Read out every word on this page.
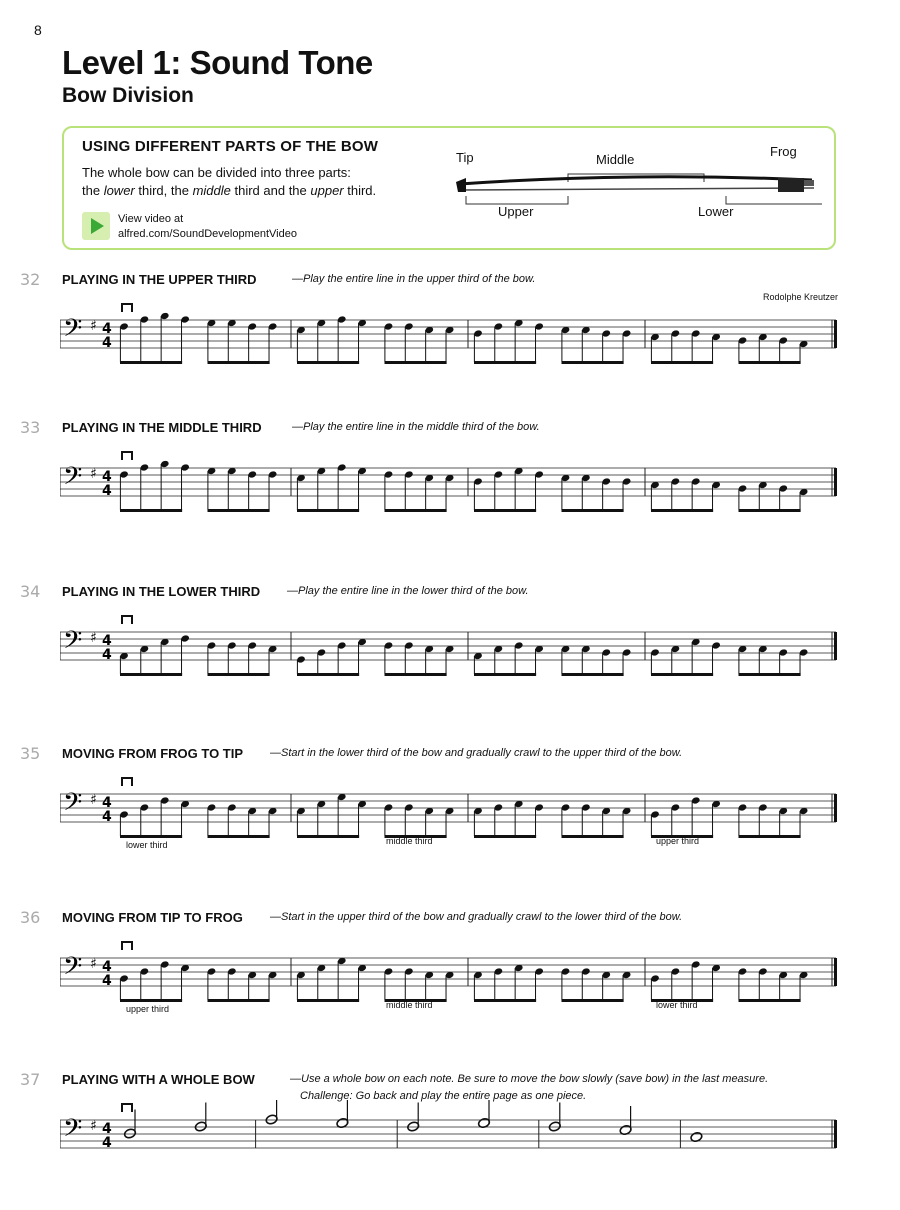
8
Level 1: Sound Tone
Bow Division
USING DIFFERENT PARTS OF THE BOW
The whole bow can be divided into three parts:
the lower third, the middle third and the upper third.
View video at
alfred.com/SoundDevelopmentVideo
Tip	Middle
Frog
Upper	Lower
32 PLAYING IN THE UPPER THIRD	—Play the entire line in the upper third of the bow.
Rodolphe Kreutzer
𝄢 ♯ 4
4
33 PLAYING IN THE MIDDLE THIRD	—Play the entire line in the middle third of the bow.
𝄢 ♯ 4
4
34 PLAYING IN THE LOWER THIRD —Play the entire line in the lower third of the bow.
𝄢 ♯ 4
4
35 MOVING FROM FROG TO TIP —Start in the lower third of the bow and gradually crawl to the upper third of the bow.
𝄢 ♯ 4
4
lower third	middle third	upper third
36 MOVING FROM TIP TO FROG —Start in the upper third of the bow and gradually crawl to the lower third of the bow.
𝄢 ♯ 4
4
upper third	middle third	lower third
37 PLAYING WITH A WHOLE BOW	—Use a whole bow on each note. Be sure to move the bow slowly (save bow) in the last measure.
Challenge: Go back and play the entire page as one piece.
𝄢 ♯ 4
4
